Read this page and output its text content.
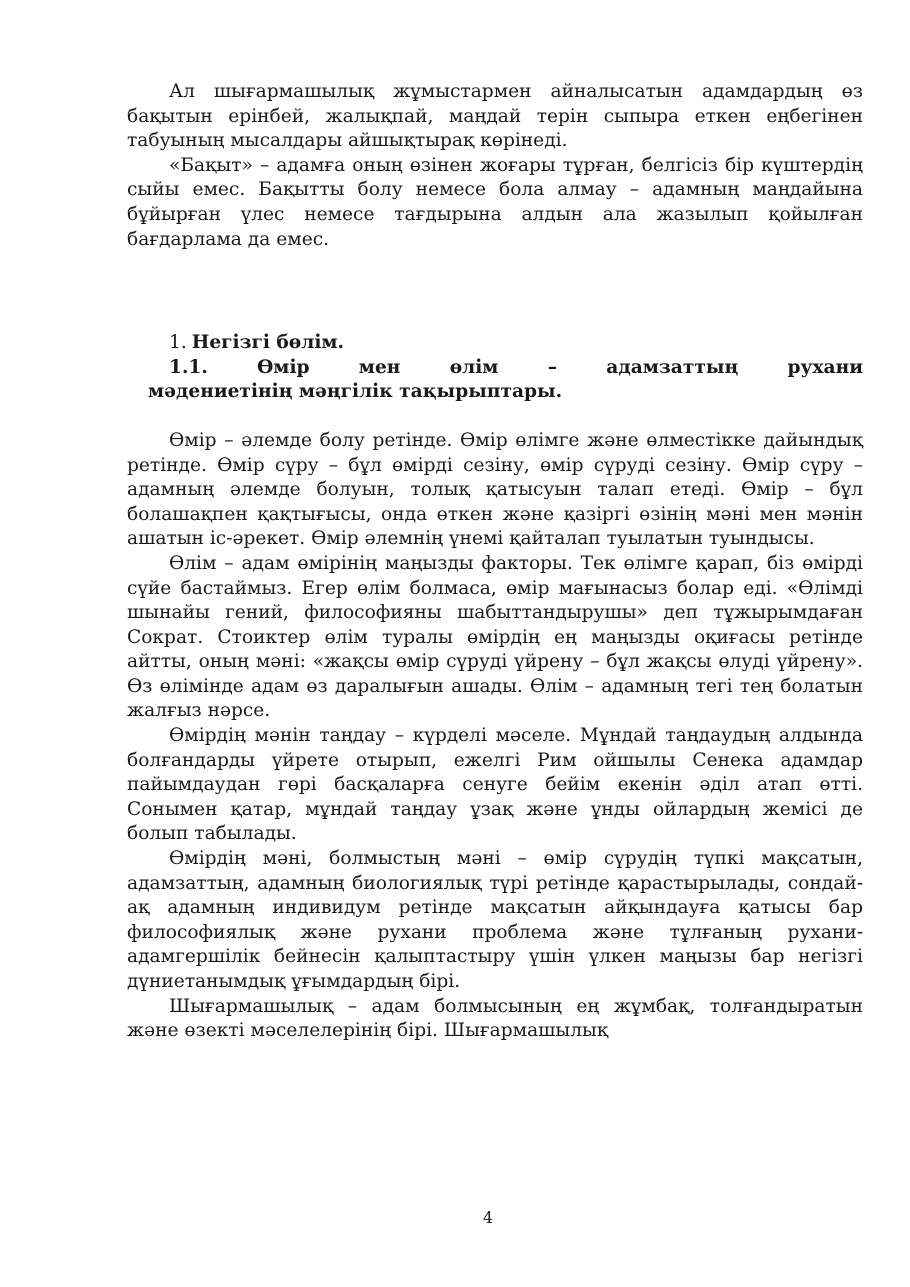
Ал шығармашылық жұмыстармен айналысатын адамдардың өз бақытын ерінбей, жалықпай, маңдай терін сыпыра еткен еңбегінен табуының мысалдары айшықтырақ көрінеді.

«Бақыт» – адамға оның өзінен жоғары тұрған, белгісіз бір күштердің сыйы емес. Бақытты болу немесе бола алмау – адамның маңдайына бұйырған үлес немесе тағдырына алдын ала жазылып қойылған бағдарлама да емес.

1. Негізгі бөлім.

1.1. Өмір мен өлім – адамзаттың рухани

мәдениетінің мәңгілік тақырыптары.

Өмір – әлемде болу ретінде. Өмір өлімге және өлместікке дайындық ретінде. Өмір сүру – бұл өмірді сезіну, өмір сүруді сезіну. Өмір сүру – адамның әлемде болуын, толық қатысуын талап етеді. Өмір – бұл болашақпен қақтығысы, онда өткен және қазіргі өзінің мәні мен мәнін ашатын іс-әрекет. Өмір әлемнің үнемі қайталап туылатын туындысы.

Өлім – адам өмірінің маңызды факторы. Тек өлімге қарап, біз өмірді сүйе бастаймыз. Егер өлім болмаса, өмір мағынасыз болар еді. «Өлімді шынайы гений, философияны шабыттандырушы» деп тұжырымдаған Сократ. Стоиктер өлім туралы өмірдің ең маңызды оқиғасы ретінде айтты, оның мәні: «жақсы өмір сүруді үйрену – бұл жақсы өлуді үйрену». Өз өлімінде адам өз даралығын ашады. Өлім – адамның тегі тең болатын жалғыз нәрсе.

Өмірдің мәнін таңдау – күрделі мәселе. Мұндай таңдаудың алдында болғандарды үйрете отырып, ежелгі Рим ойшылы Сенека адамдар пайымдаудан гөрі басқаларға сенуге бейім екенін әділ атап өтті. Сонымен қатар, мұндай таңдау ұзақ және ұнды ойлардың жемісі де болып табылады.

Өмірдің мәні, болмыстың мәні – өмір сүрудің түпкі мақсатын, адамзаттың, адамның биологиялық түрі ретінде қарастырылады, сондай-ақ адамның индивидум ретінде мақсатын айқындауға қатысы бар философиялық және рухани проблема және тұлғаның рухани-адамгершілік бейнесін қалыптастыру үшін үлкен маңызы бар негізгі дүниетанымдық ұғымдардың бірі.

Шығармашылық – адам болмысының ең жұмбақ, толғандыратын және өзекті мәселелерінің бірі. Шығармашылық

4
